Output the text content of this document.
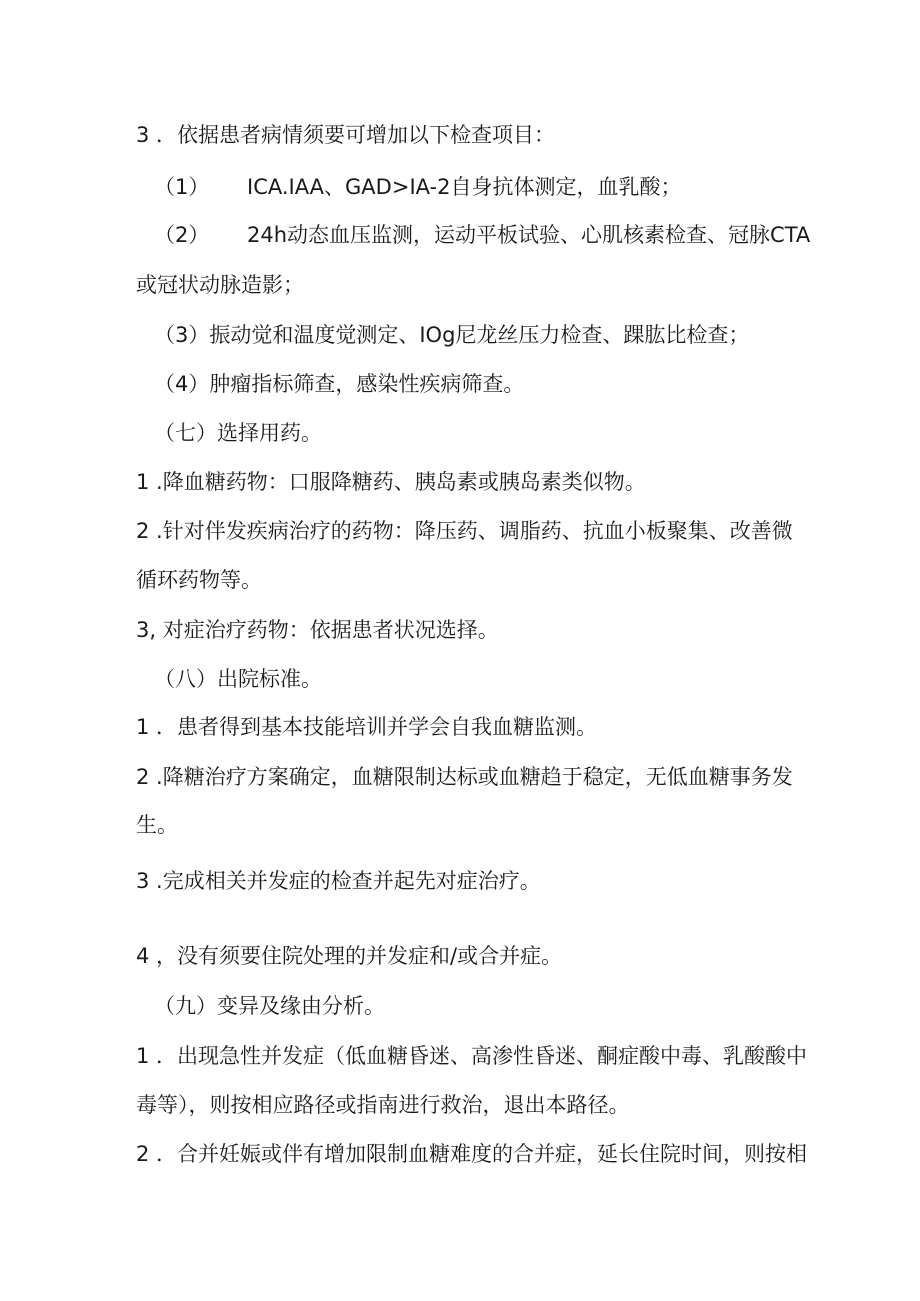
3 ．依据患者病情须要可增加以下检查项目：
（1） ICA.IAA、GAD>IA-2自身抗体测定，血乳酸；
（2） 24h动态血压监测，运动平板试验、心肌核素检查、冠脉CTA
或冠状动脉造影；
（3）振动觉和温度觉测定、IOg尼龙丝压力检查、踝肱比检查；
（4）肿瘤指标筛查，感染性疾病筛查。
（七）选择用药。
1 .降血糖药物：口服降糖药、胰岛素或胰岛素类似物。
2 .针对伴发疾病治疗的药物：降压药、调脂药、抗血小板聚集、改善微
循环药物等。
3, 对症治疗药物：依据患者状况选择。
（八）出院标准。
1 ．患者得到基本技能培训并学会自我血糖监测。
2 .降糖治疗方案确定，血糖限制达标或血糖趋于稳定，无低血糖事务发
生。
3 .完成相关并发症的检查并起先对症治疗。
4 ，没有须要住院处理的并发症和/或合并症。
（九）变异及缘由分析。
1 ．出现急性并发症（低血糖昏迷、高渗性昏迷、酮症酸中毒、乳酸酸中
毒等），则按相应路径或指南进行救治，退出本路径。
2 ．合并妊娠或伴有增加限制血糖难度的合并症，延长住院时间，则按相
